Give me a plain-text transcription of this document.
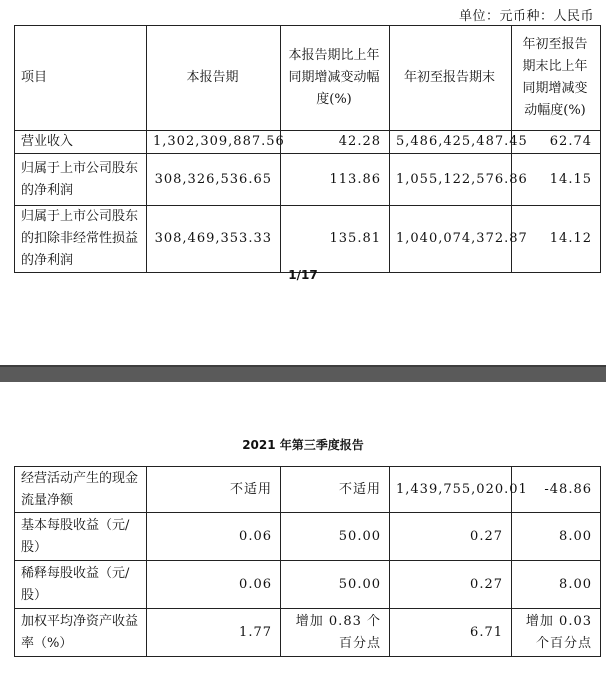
单位：元币种：人民币
项目	本报告期	本报告期比上年同期增减变动幅度(%)	年初至报告期末	年初至报告期末比上年同期增减变动幅度(%)
营业收入	1,302,309,887.56	42.28	5,486,425,487.45	62.74
归属于上市公司股东的净利润	308,326,536.65	113.86	1,055,122,576.86	14.15
归属于上市公司股东的扣除非经常性损益的净利润	308,469,353.33	135.81	1,040,074,372.87	14.12
1/17
2021 年第三季度报告
经营活动产生的现金流量净额	不适用	不适用	1,439,755,020.01	-48.86
基本每股收益（元/股）	0.06	50.00	0.27	8.00
稀释每股收益（元/股）	0.06	50.00	0.27	8.00
加权平均净资产收益率（%）	1.77	增加 0.83 个百分点	6.71	增加 0.03 个百分点
